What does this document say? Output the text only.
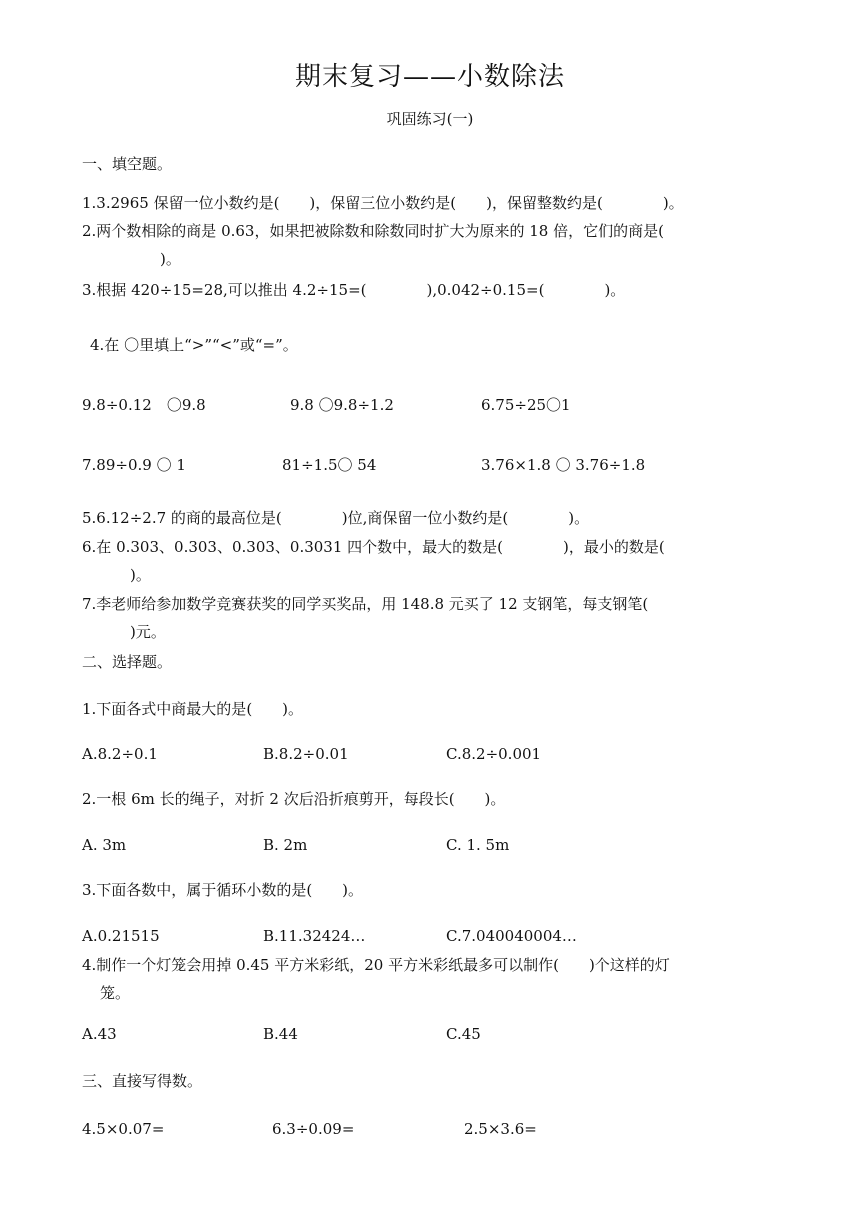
期末复习——小数除法
巩固练习(一)
一、填空题。
1.3.2965 保留一位小数约是(　　)，保留三位小数约是(　　)，保留整数约是(　　　　)。
2.两个数相除的商是 0.63，如果把被除数和除数同时扩大为原来的 18 倍，它们的商是(
　　　　)。
3.根据 420÷15=28,可以推出 4.2÷15=(　　　　),0.042÷0.15=(　　　　)。
4.在 〇里填上“>”“<”或“=”。
9.8÷0.12　〇9.8	9.8 〇9.8÷1.2	6.75÷25〇1
7.89÷0.9 〇 1	81÷1.5〇 54	3.76×1.8 〇 3.76÷1.8
5.6.12÷2.7 的商的最高位是(　　　　)位,商保留一位小数约是(　　　　)。
6.在 0.303、0.303、0.303、0.3031 四个数中，最大的数是(　　　　)，最小的数是(
　　)。
7.李老师给参加数学竞赛获奖的同学买奖品，用 148.8 元买了 12 支钢笔，每支钢笔(
　　)元。
二、选择题。
1.下面各式中商最大的是(　　)。
A.8.2÷0.1	B.8.2÷0.01	C.8.2÷0.001
2.一根 6m 长的绳子，对折 2 次后沿折痕剪开，每段长(　　)。
A. 3m	B. 2m	C. 1. 5m
3.下面各数中，属于循环小数的是(　　)。
A.0.21515	B.11.32424…	C.7.040040004…
4.制作一个灯笼会用掉 0.45 平方米彩纸，20 平方米彩纸最多可以制作(　　)个这样的灯
笼。
A.43	B.44	C.45
三、直接写得数。
4.5×0.07=	6.3÷0.09=	2.5×3.6=
